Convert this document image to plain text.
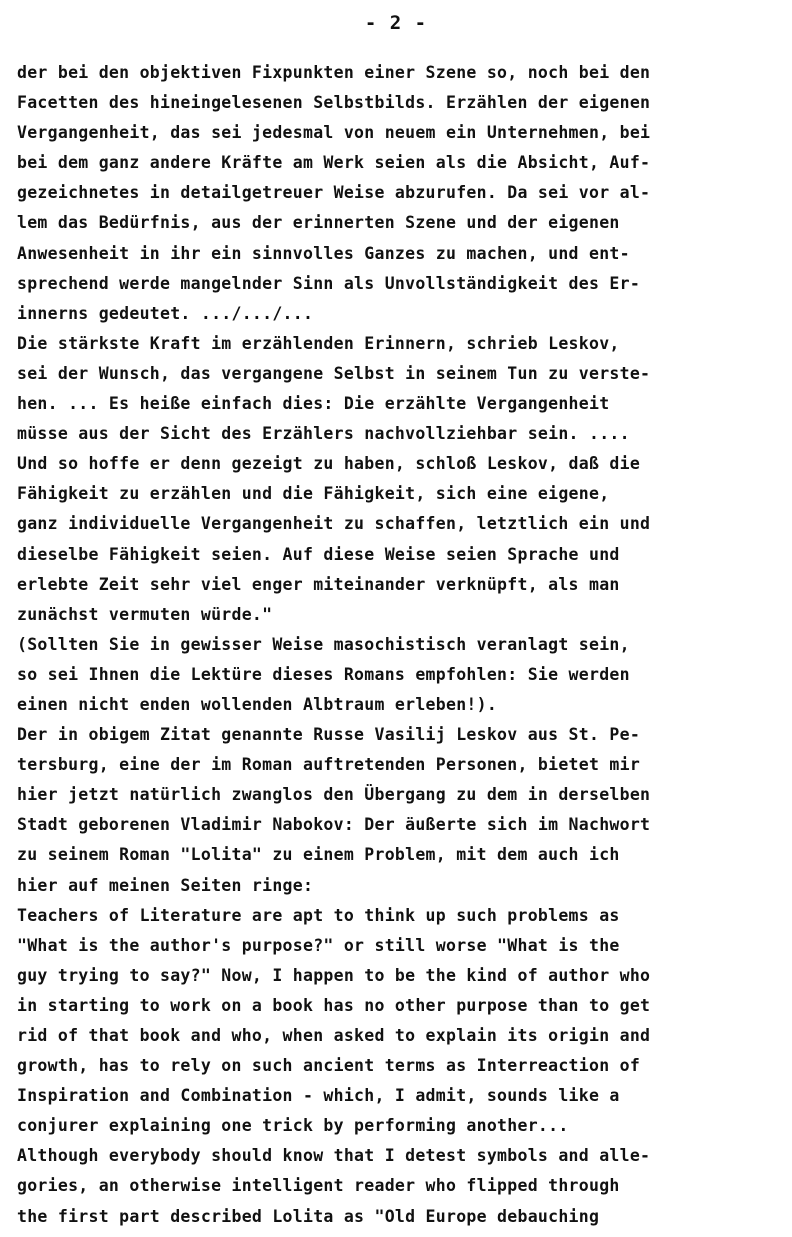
- 2 -
der bei den objektiven Fixpunkten einer Szene so, noch bei den
Facetten des hineingelesenen Selbstbilds. Erzählen der eigenen
Vergangenheit, das sei jedesmal von neuem ein Unternehmen, bei
bei dem ganz andere Kräfte am Werk seien als die Absicht, Auf-
gezeichnetes in detailgetreuer Weise abzurufen. Da sei vor al-
lem das Bedürfnis, aus der erinnerten Szene und der eigenen
Anwesenheit in ihr ein sinnvolles Ganzes zu machen, und ent-
sprechend werde mangelnder Sinn als Unvollständigkeit des Er-
innerns gedeutet. .../.../...
Die stärkste Kraft im erzählenden Erinnern, schrieb Leskov,
sei der Wunsch, das vergangene Selbst in seinem Tun zu verste-
hen. ... Es heiße einfach dies: Die erzählte Vergangenheit
müsse aus der Sicht des Erzählers nachvollziehbar sein. ....
Und so hoffe er denn gezeigt zu haben, schloß Leskov, daß die
Fähigkeit zu erzählen und die Fähigkeit, sich eine eigene,
ganz individuelle Vergangenheit zu schaffen, letztlich ein und
dieselbe Fähigkeit seien. Auf diese Weise seien Sprache und
erlebte Zeit sehr viel enger miteinander verknüpft, als man
zunächst vermuten würde."
(Sollten Sie in gewisser Weise masochistisch veranlagt sein,
so sei Ihnen die Lektüre dieses Romans empfohlen: Sie werden
einen nicht enden wollenden Albtraum erleben!).
Der in obigem Zitat genannte Russe Vasilij Leskov aus St. Pe-
tersburg, eine der im Roman auftretenden Personen, bietet mir
hier jetzt natürlich zwanglos den Übergang zu dem in derselben
Stadt geborenen Vladimir Nabokov: Der äußerte sich im Nachwort
zu seinem Roman "Lolita" zu einem Problem, mit dem auch ich
hier auf meinen Seiten ringe:
Teachers of Literature are apt to think up such problems as
"What is the author's purpose?" or still worse "What is the
guy trying to say?" Now, I happen to be the kind of author who
in starting to work on a book has no other purpose than to get
rid of that book and who, when asked to explain its origin and
growth, has to rely on such ancient terms as Interreaction of
Inspiration and Combination - which, I admit, sounds like a
conjurer explaining one trick by performing another...
Although everybody should know that I detest symbols and alle-
gories, an otherwise intelligent reader who flipped through
the first part described Lolita as "Old Europe debauching
